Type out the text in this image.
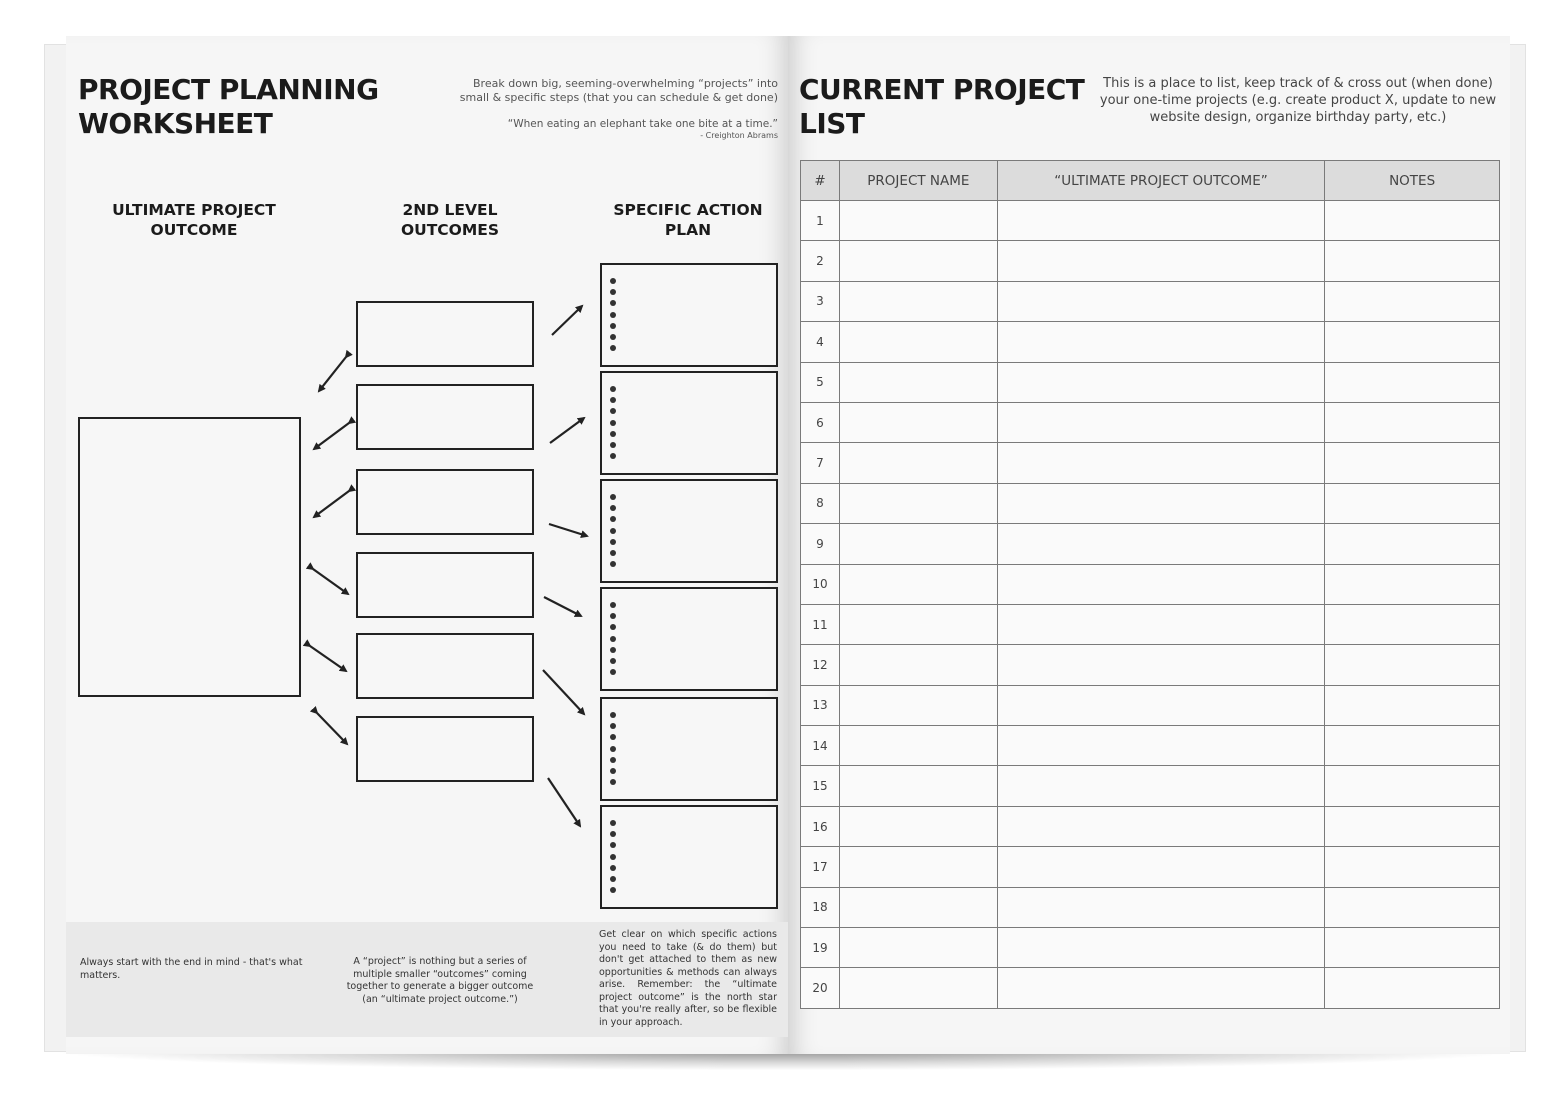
PROJECT PLANNING
WORKSHEET
Break down big, seeming-overwhelming “projects” into
small & specific steps (that you can schedule & get done)
“When eating an elephant take one bite at a time.”
- Creighton Abrams
ULTIMATE PROJECT
OUTCOME
2ND LEVEL
OUTCOMES
SPECIFIC ACTION
PLAN
Always start with the end in mind - that's what matters.
A “project” is nothing but a series of multiple smaller “outcomes” coming together to generate a bigger outcome (an “ultimate project outcome.”)
Get clear on which specific actions you need to take (& do them) but don't get attached to them as new opportunities & methods can always arise. Remember: the “ultimate project outcome” is the north star that you're really after, so be flexible in your approach.
CURRENT PROJECT
LIST
This is a place to list, keep track of & cross out (when done) your one-time projects (e.g. create product X, update to new website design, organize birthday party, etc.)
#	PROJECT NAME	“ULTIMATE PROJECT OUTCOME”	NOTES
1			
2			
3			
4			
5			
6			
7			
8			
9			
10			
11			
12			
13			
14			
15			
16			
17			
18			
19			
20			
